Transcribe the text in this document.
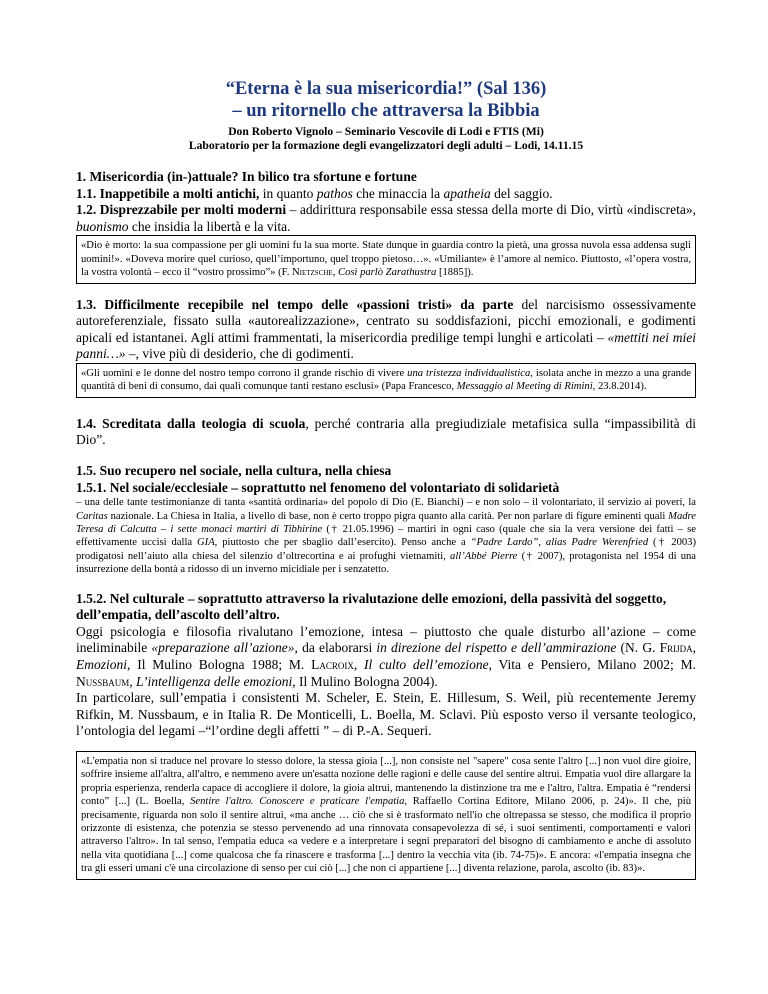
“Eterna è la sua misericordia!” (Sal 136)
– un ritornello che attraversa la Bibbia
Don Roberto Vignolo – Seminario Vescovile di Lodi e FTIS (Mi)
Laboratorio per la formazione degli evangelizzatori degli adulti – Lodi, 14.11.15
1. Misericordia (in-)attuale? In bìlico tra sfortune e fortune
1.1. Inappetibile a molti antichi, in quanto pathos che minaccia la apatheia del saggio.
1.2. Disprezzabile per molti moderni – addirittura responsabile essa stessa della morte di Dio, virtù «indiscreta», buonismo che insidia la libertà e la vita.
«Dio è morto: la sua compassione per gli uomini fu la sua morte. State dunque in guardia contro la pietà, una grossa nuvola essa addensa sugli uomini!». «Doveva morire quel curioso, quell’importuno, quel troppo pietoso…». «Umiliante» è l’amore al nemico. Piuttosto, «l’opera vostra, la vostra volontà – ecco il “vostro prossimo”» (F. Nietzsche, Così parlò Zarathustra [1885]).
1.3. Difficilmente recepibile nel tempo delle «passioni tristi» da parte del narcisismo ossessivamente autoreferenziale, fissato sulla «autorealizzazione», centrato su soddisfazioni, picchi emozionali, e godimenti apicali ed istantanei. Agli attimi frammentati, la misericordia predilige tempi lunghi e articolati – «mettiti nei miei panni…» –, vive più di desiderio, che di godimenti.
«Gli uomini e le donne del nostro tempo corrono il grande rischio di vivere una tristezza individualistica, isolata anche in mezzo a una grande quantità di beni di consumo, dai quali comunque tanti restano esclusi» (Papa Francesco, Messaggio al Meeting di Rimini, 23.8.2014).
1.4. Screditata dalla teologia di scuola, perché contraria alla pregiudiziale metafisica sulla “impassibilità di Dio”.
1.5. Suo recupero nel sociale, nella cultura, nella chiesa
1.5.1. Nel sociale/ecclesiale – soprattutto nel fenomeno del volontariato di solidarietà
– una delle tante testimonianze di tanta «santità ordinaria» del popolo di Dio (E. Bianchi) – e non solo – il volontariato, il servizio ai poveri, la Caritas nazionale. La Chiesa in Italia, a livello di base, non è certo troppo pigra quanto alla carità. Per non parlare di figure eminenti quali Madre Teresa di Calcutta – i sette monaci martiri di Tibhirine († 21.05.1996) – martiri in ogni caso (quale che sia la vera versione dei fatti – se effettivamente uccisi dalla GIA, piuttosto che per sbaglio dall’esercito). Penso anche a “Padre Lardo”, alias Padre Werenfried († 2003) prodigatosi nell’aiuto alla chiesa del silenzio d’oltrecortina e ai profughi vietnamiti, all’Abbé Pierre († 2007), protagonista nel 1954 di una insurrezione della bontà a ridosso di un inverno micidiale per i senzatetto.
1.5.2. Nel culturale – soprattutto attraverso la rivalutazione delle emozioni, della passività del soggetto, dell’empatia, dell’ascolto dell’altro.
Oggi psicologia e filosofia rivalutano l’emozione, intesa – piuttosto che quale disturbo all’azione – come ineliminabile «preparazione all’azione», da elaborarsi in direzione del rispetto e dell’ammirazione (N. G. Frijda, Emozioni, Il Mulino Bologna 1988; M. Lacroix, Il culto dell’emozione, Vita e Pensiero, Milano 2002; M. Nussbaum, L’intelligenza delle emozioni, Il Mulino Bologna 2004).
In particolare, sull’empatia i consistenti M. Scheler, E. Stein, E. Hillesum, S. Weil, più recentemente Jeremy Rifkin, M. Nussbaum, e in Italia R. De Monticelli, L. Boella, M. Sclavi. Più esposto verso il versante teologico, l’ontologia del legami –“l’ordine degli affetti ” – di P.-A. Sequeri.
«L'empatia non si traduce nel provare lo stesso dolore, la stessa gioia [...], non consiste nel "sapere" cosa sente l'altro [...] non vuol dire gioire, soffrire insieme all'altra, all'altro, e nemmeno avere un'esatta nozione delle ragioni e delle cause del sentire altrui. Empatia vuol dire allargare la propria esperienza, renderla capace di accogliere il dolore, la gioia altrui, mantenendo la distinzione tra me e l'altro, l'altra. Empatia è “rendersi conto” [...] (L. Boella, Sentire l'altro. Conoscere e praticare l'empatia, Raffaello Cortina Editore, Milano 2006, p. 24)». Il che, più precisamente, riguarda non solo il sentire altrui, «ma anche … ciò che si è trasformato nell'io che oltrepassa se stesso, che modifica il proprio orizzonte di esistenza, che potenzia se stesso pervenendo ad una rinnovata consapevolezza di sé, i suoi sentimenti, comportamenti e valori attraverso l'altro». In tal senso, l'empatia educa «a vedere e a interpretare i segni preparatori del bisogno di cambiamento e anche di assoluto nella vita quotidiana [...] come qualcosa che fa rinascere e trasforma [...] dentro la vecchia vita (ib. 74-75)». E ancora: «l'empatia insegna che tra gli esseri umani c'è una circolazione di senso per cui ciò [...] che non ci appartiene [...] diventa relazione, parola, ascolto (ib. 83)».
